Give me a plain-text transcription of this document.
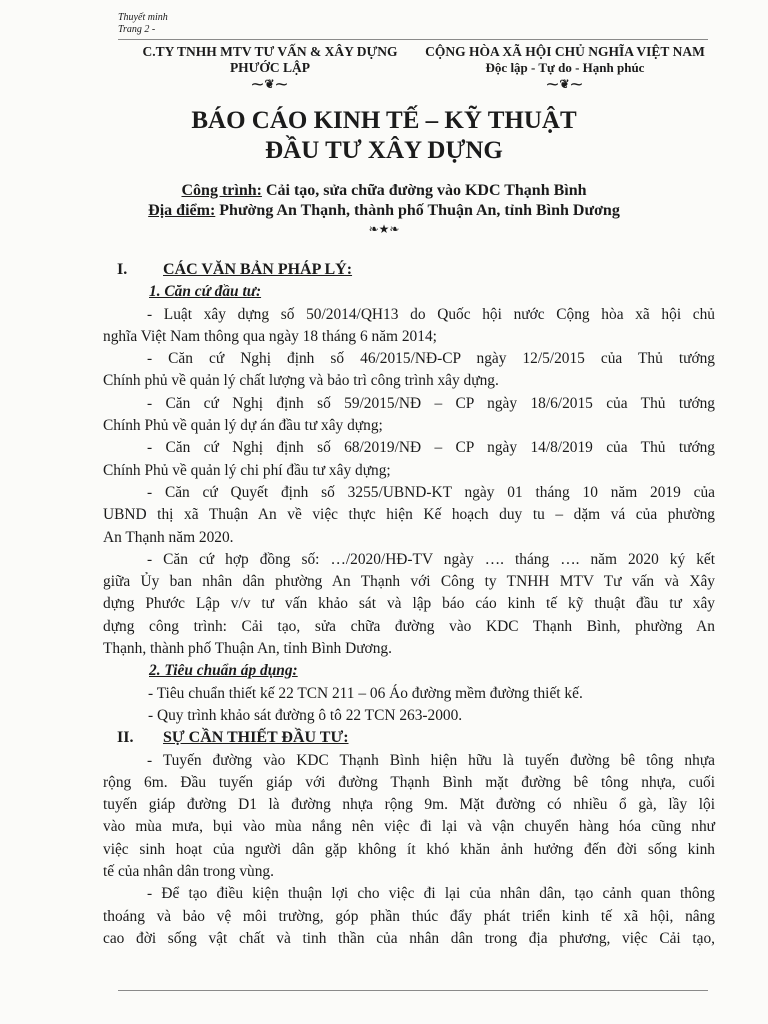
Thuyết minh
Trang 2 -
C.TY TNHH MTV TƯ VẤN & XÂY DỰNG
PHƯỚC LẬP
⁓❦⁓
CỘNG HÒA XÃ HỘI CHỦ NGHĨA VIỆT NAM
Độc lập - Tự do - Hạnh phúc
⁓❦⁓
BÁO CÁO KINH TẾ – KỸ THUẬT
ĐẦU TƯ XÂY DỰNG
Công trình: Cải tạo, sửa chữa đường vào KDC Thạnh Bình
Địa điểm: Phường An Thạnh, thành phố Thuận An, tỉnh Bình Dương
❧★❧
I. CÁC VĂN BẢN PHÁP LÝ:
1. Căn cứ đầu tư:
- Luật xây dựng số 50/2014/QH13 do Quốc hội nước Cộng hòa xã hội chủ
nghĩa Việt Nam thông qua ngày 18 tháng 6 năm 2014;
- Căn cứ Nghị định số 46/2015/NĐ-CP ngày 12/5/2015 của Thủ tướng
Chính phủ về quản lý chất lượng và bảo trì công trình xây dựng.
- Căn cứ Nghị định số 59/2015/NĐ – CP ngày 18/6/2015 của Thủ tướng
Chính Phủ về quản lý dự án đầu tư xây dựng;
- Căn cứ Nghị định số 68/2019/NĐ – CP ngày 14/8/2019 của Thủ tướng
Chính Phủ về quản lý chi phí đầu tư xây dựng;
- Căn cứ Quyết định số 3255/UBND-KT ngày 01 tháng 10 năm 2019 của
UBND thị xã Thuận An về việc thực hiện Kế hoạch duy tu – dặm vá của phường
An Thạnh năm 2020.
- Căn cứ hợp đồng số: …/2020/HĐ-TV ngày …. tháng …. năm 2020 ký kết
giữa Ủy ban nhân dân phường An Thạnh với Công ty TNHH MTV Tư vấn và Xây
dựng Phước Lập v/v tư vấn khảo sát và lập báo cáo kinh tế kỹ thuật đầu tư xây
dựng công trình: Cải tạo, sửa chữa đường vào KDC Thạnh Bình, phường An
Thạnh, thành phố Thuận An, tỉnh Bình Dương.
2. Tiêu chuẩn áp dụng:
- Tiêu chuẩn thiết kế 22 TCN 211 – 06 Áo đường mềm đường thiết kế.
- Quy trình khảo sát đường ô tô 22 TCN 263-2000.
II. SỰ CẦN THIẾT ĐẦU TƯ:
- Tuyến đường vào KDC Thạnh Bình hiện hữu là tuyến đường bê tông nhựa
rộng 6m. Đầu tuyến giáp với đường Thạnh Bình mặt đường bê tông nhựa, cuối
tuyến giáp đường D1 là đường nhựa rộng 9m. Mặt đường có nhiều ổ gà, lầy lội
vào mùa mưa, bụi vào mùa nắng nên việc đi lại và vận chuyển hàng hóa cũng như
việc sinh hoạt của người dân gặp không ít khó khăn ảnh hưởng đến đời sống kinh
tế của nhân dân trong vùng.
- Để tạo điều kiện thuận lợi cho việc đi lại của nhân dân, tạo cảnh quan thông
thoáng và bảo vệ môi trường, góp phần thúc đẩy phát triển kinh tế xã hội, nâng
cao đời sống vật chất và tinh thần của nhân dân trong địa phương, việc Cải tạo,
